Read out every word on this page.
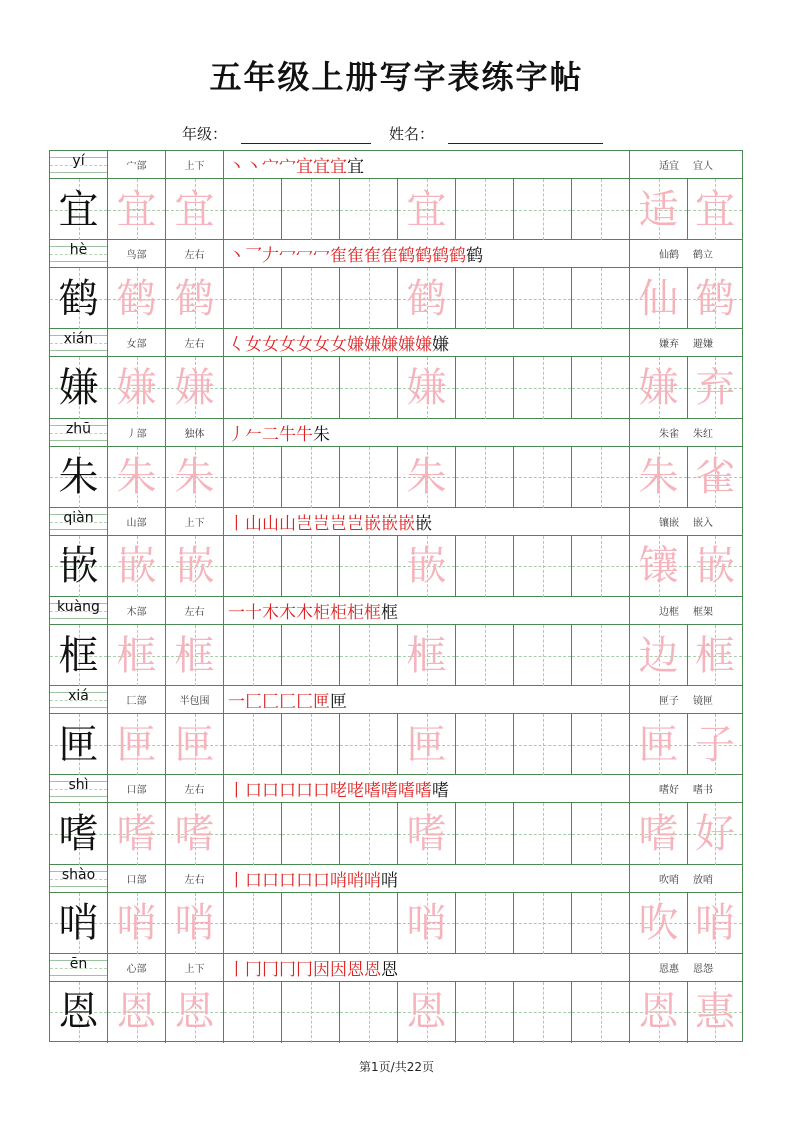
五年级上册写字表练字帖
年级：	姓名：
yí	宀部	上下	丶丶宀宀宜宜宜宜	适宜 宜人
宜 宜 宜	宜	适 宜
hè	鸟部	左右	丶乛𠂇冖冖冖隺隺隺隺鹤鹤鹤鹤鹤	仙鹤 鹤立
鹤 鹤 鹤	鹤	仙 鹤
xián	女部	左右	𡿨女女女女女女嫌嫌嫌嫌嫌嫌	嫌弃 避嫌
嫌 嫌 嫌	嫌	嫌 弃
zhū	丿部	独体	丿𠂉二牛牛朱	朱雀 朱红
朱 朱 朱	朱	朱 雀
qiàn	山部	上下	丨山山山岂岂岂岂嵌嵌嵌嵌	镶嵌 嵌入
嵌 嵌 嵌	嵌	镶 嵌
kuàng	木部	左右	一十木木木柜柜柜框框	边框 框架
框 框 框	框	边 框
xiá	匚部	半包围	一匚匚匚匚匣匣	匣子 镜匣
匣 匣 匣	匣	匣 子
shì	口部	左右	丨口口口口口咾咾嗜嗜嗜嗜嗜	嗜好 嗜书
嗜 嗜 嗜	嗜	嗜 好
shào	口部	左右	丨口口口口口哨哨哨哨	吹哨 放哨
哨 哨 哨	哨	吹 哨
ēn	心部	上下	丨冂冂冂冂因因恩恩恩	恩惠 恩怨
恩 恩 恩	恩	恩 惠
第1页/共22页
